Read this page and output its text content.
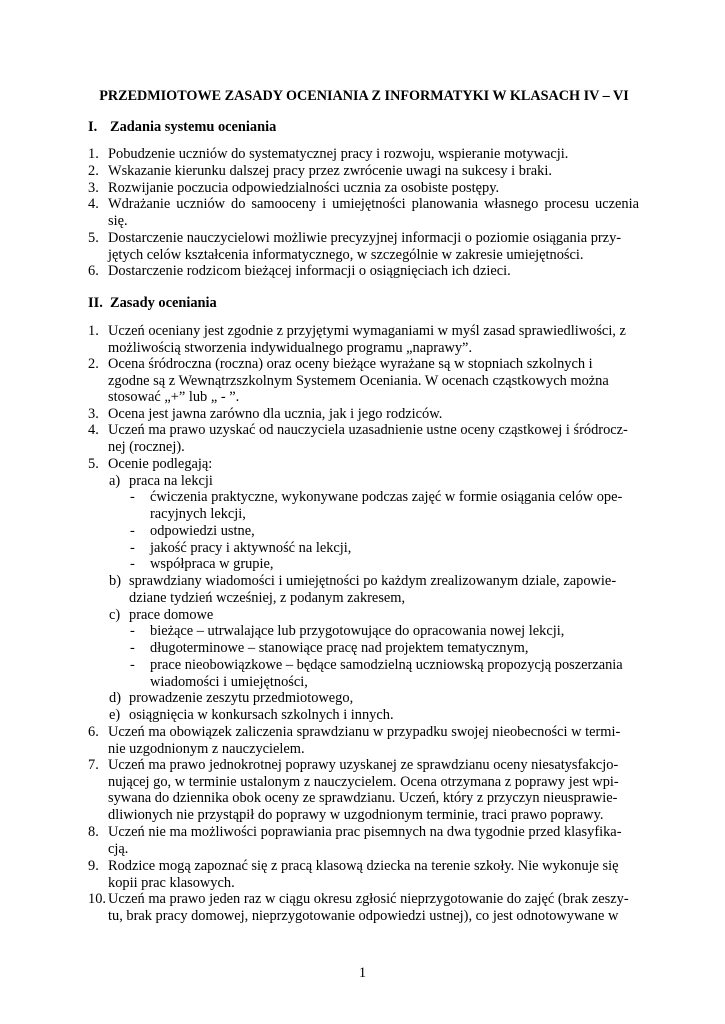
PRZEDMIOTOWE ZASADY OCENIANIA Z INFORMATYKI W KLASACH IV – VI
I. Zadania systemu oceniania
1. Pobudzenie uczniów do systematycznej pracy i rozwoju, wspieranie motywacji.
2. Wskazanie kierunku dalszej pracy przez zwrócenie uwagi na sukcesy i braki.
3. Rozwijanie poczucia odpowiedzialności ucznia za osobiste postępy.
4. Wdrażanie uczniów do samooceny i umiejętności planowania własnego procesu uczenia się.
5. Dostarczenie nauczycielowi możliwie precyzyjnej informacji o poziomie osiągania przy-
jętych celów kształcenia informatycznego, w szczególnie w zakresie umiejętności.
6. Dostarczenie rodzicom bieżącej informacji o osiągnięciach ich dzieci.
II. Zasady oceniania
1. Uczeń oceniany jest zgodnie z przyjętymi wymaganiami w myśl zasad sprawiedliwości, z
możliwością stworzenia indywidualnego programu „naprawy”.
2. Ocena śródroczna (roczna) oraz oceny bieżące wyrażane są w stopniach szkolnych i
zgodne są z Wewnątrzszkolnym Systemem Oceniania. W ocenach cząstkowych można
stosować „+” lub „ - ”.
3. Ocena jest jawna zarówno dla ucznia, jak i jego rodziców.
4. Uczeń ma prawo uzyskać od nauczyciela uzasadnienie ustne oceny cząstkowej i śródrocz-
nej (rocznej).
5. Ocenie podlegają:
a) praca na lekcji
- ćwiczenia praktyczne, wykonywane podczas zajęć w formie osiągania celów ope-
racyjnych lekcji,
- odpowiedzi ustne,
- jakość pracy i aktywność na lekcji,
- współpraca w grupie,
b) sprawdziany wiadomości i umiejętności po każdym zrealizowanym dziale, zapowie-
dziane tydzień wcześniej, z podanym zakresem,
c) prace domowe
- bieżące – utrwalające lub przygotowujące do opracowania nowej lekcji,
- długoterminowe – stanowiące pracę nad projektem tematycznym,
- prace nieobowiązkowe – będące samodzielną uczniowską propozycją poszerzania
wiadomości i umiejętności,
d) prowadzenie zeszytu przedmiotowego,
e) osiągnięcia w konkursach szkolnych i innych.
6. Uczeń ma obowiązek zaliczenia sprawdzianu w przypadku swojej nieobecności w termi-
nie uzgodnionym z nauczycielem.
7. Uczeń ma prawo jednokrotnej poprawy uzyskanej ze sprawdzianu oceny niesatysfakcjo-
nującej go, w terminie ustalonym z nauczycielem. Ocena otrzymana z poprawy jest wpi-
sywana do dziennika obok oceny ze sprawdzianu. Uczeń, który z przyczyn nieusprawie-
dliwionych nie przystąpił do poprawy w uzgodnionym terminie, traci prawo poprawy.
8. Uczeń nie ma możliwości poprawiania prac pisemnych na dwa tygodnie przed klasyfika-
cją.
9. Rodzice mogą zapoznać się z pracą klasową dziecka na terenie szkoły. Nie wykonuje się
kopii prac klasowych.
10. Uczeń ma prawo jeden raz w ciągu okresu zgłosić nieprzygotowanie do zajęć (brak zeszy-
tu, brak pracy domowej, nieprzygotowanie odpowiedzi ustnej), co jest odnotowywane w
1
